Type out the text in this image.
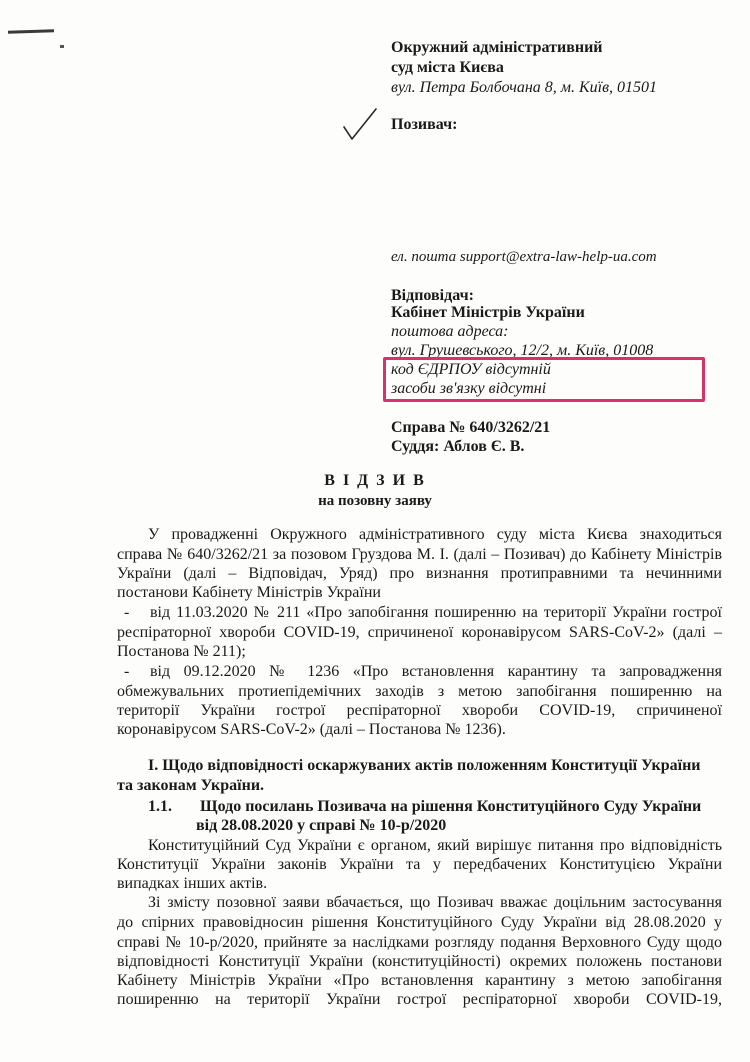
Окружний адміністративний
суд міста Києва
вул. Петра Болбочана 8, м. Київ, 01501
Позивач:
ел. пошта support@extra-law-help-ua.com
Відповідач:
Кабінет Міністрів України
поштова адреса:
вул. Грушевського, 12/2, м. Київ, 01008
код ЄДРПОУ відсутній
засоби зв'язку відсутні
Справа № 640/3262/21
Суддя: Аблов Є. В.
В І Д З И В
на позовну заяву
У провадженні Окружного адміністративного суду міста Києва знаходиться
справа № 640/3262/21 за позовом Груздова М. І. (далі – Позивач) до Кабінету Міністрів
України (далі – Відповідач, Уряд) про визнання протиправними та нечинними
постанови Кабінету Міністрів України
- від 11.03.2020 № 211 «Про запобігання поширенню на території України гострої
респіраторної хвороби COVID-19, спричиненої коронавірусом SARS-CoV-2» (далі –
Постанова № 211);
- від 09.12.2020 № 1236 «Про встановлення карантину та запровадження
обмежувальних протиепідемічних заходів з метою запобігання поширенню на
території України гострої респіраторної хвороби COVID-19, спричиненої
коронавірусом SARS-CoV-2» (далі – Постанова № 1236).
І. Щодо відповідності оскаржуваних актів положенням Конституції України
та законам України.
1.1. Щодо посилань Позивача на рішення Конституційного Суду України
від 28.08.2020 у справі № 10-р/2020
Конституційний Суд України є органом, який вирішує питання про відповідність
Конституції України законів України та у передбачених Конституцією України
випадках інших актів.
Зі змісту позовної заяви вбачається, що Позивач вважає доцільним застосування
до спірних правовідносин рішення Конституційного Суду України від 28.08.2020 у
справі № 10-р/2020, прийняте за наслідками розгляду подання Верховного Суду щодо
відповідності Конституції України (конституційності) окремих положень постанови
Кабінету Міністрів України «Про встановлення карантину з метою запобігання
поширенню на території України гострої респіраторної хвороби COVID-19,
